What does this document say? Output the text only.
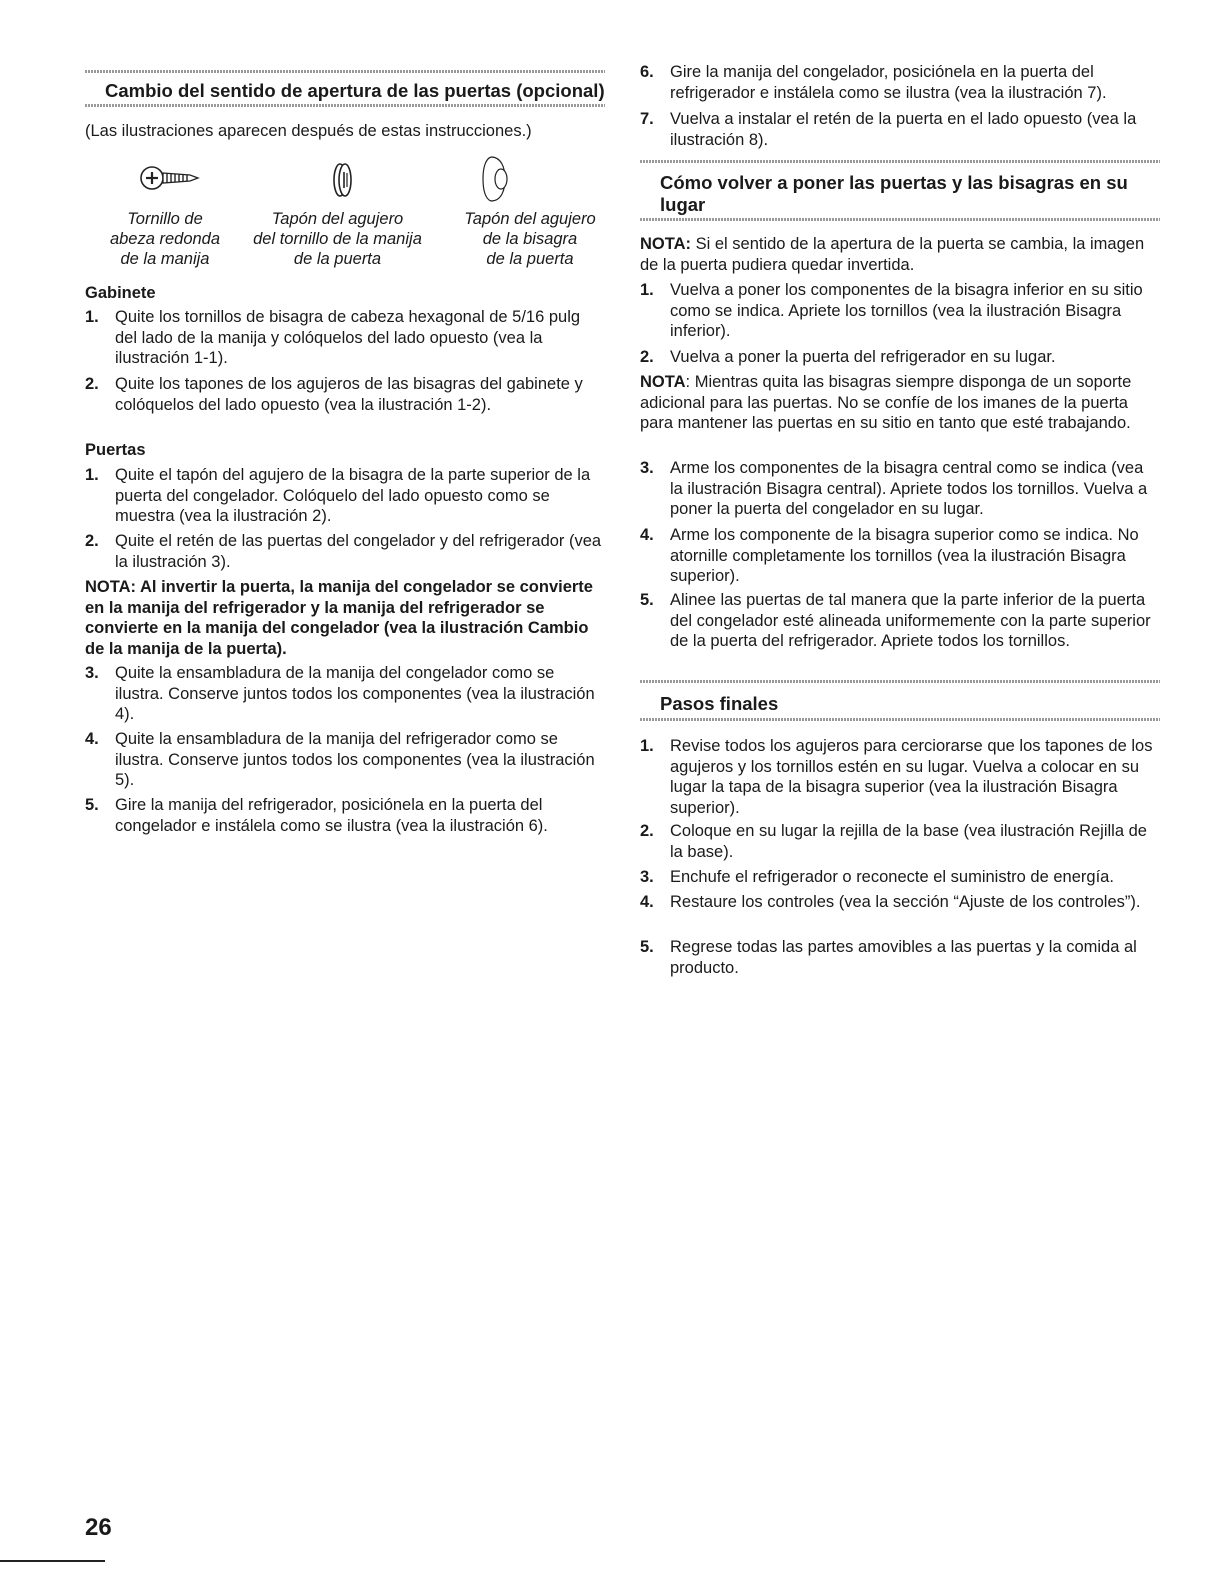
Cambio del sentido de apertura de las puertas (opcional)

(Las ilustraciones aparecen después de estas instrucciones.)

Tornillo de
abeza redonda
de la manija
Tapón del agujero
del tornillo de la manija
de la puerta
Tapón del agujero
de la bisagra
de la puerta
Gabinete
1. Quite los tornillos de bisagra de cabeza hexagonal de 5/16 pulg del lado de la manija y colóquelos del lado opuesto (vea la ilustración 1-1).
2. Quite los tapones de los agujeros de las bisagras del gabinete y colóquelos del lado opuesto (vea la ilustración 1-2).
Puertas
1. Quite el tapón del agujero de la bisagra de la parte superior de la puerta del congelador. Colóquelo del lado opuesto como se muestra (vea la ilustración 2).
2. Quite el retén de las puertas del congelador y del refrigerador (vea la ilustración 3).

NOTA: Al invertir la puerta, la manija del congelador se convierte en la manija del refrigerador y la manija del refrigerador se convierte en la manija del congelador (vea la ilustración Cambio de la manija de la puerta).

3. Quite la ensambladura de la manija del congelador como se ilustra. Conserve juntos todos los componentes (vea la ilustración 4).
4. Quite la ensambladura de la manija del refrigerador como se ilustra. Conserve juntos todos los componentes (vea la ilustración 5).
5. Gire la manija del refrigerador, posiciónela en la puerta del congelador e instálela como se ilustra (vea la ilustración 6).
6. Gire la manija del congelador, posiciónela en la puerta del refrigerador e instálela como se ilustra (vea la ilustración 7).
7. Vuelva a instalar el retén de la puerta en el lado opuesto (vea la ilustración 8).
Cómo volver a poner las puertas y las bisagras en su lugar

NOTA: Si el sentido de la apertura de la puerta se cambia, la imagen de la puerta pudiera quedar invertida.

1. Vuelva a poner los componentes de la bisagra inferior en su sitio como se indica. Apriete los tornillos (vea la ilustración Bisagra inferior).
2. Vuelva a poner la puerta del refrigerador en su lugar.

NOTA: Mientras quita las bisagras siempre disponga de un soporte adicional para las puertas. No se confíe de los imanes de la puerta para mantener las puertas en su sitio en tanto que esté trabajando.

3. Arme los componentes de la bisagra central como se indica (vea la ilustración Bisagra central). Apriete todos los tornillos. Vuelva a poner la puerta del congelador en su lugar.
4. Arme los componente de la bisagra superior como se indica. No atornille completamente los tornillos (vea la ilustración Bisagra superior).
5. Alinee las puertas de tal manera que la parte inferior de la puerta del congelador esté alineada uniformemente con la parte superior de la puerta del refrigerador. Apriete todos los tornillos.
Pasos finales
1. Revise todos los agujeros para cerciorarse que los tapones de los agujeros y los tornillos estén en su lugar. Vuelva a colocar en su lugar la tapa de la bisagra superior (vea la ilustración Bisagra superior).
2. Coloque en su lugar la rejilla de la base (vea ilustración Rejilla de la base).
3. Enchufe el refrigerador o reconecte el suministro de energía.
4. Restaure los controles (vea la sección “Ajuste de los controles”).
5. Regrese todas las partes amovibles a las puertas y la comida al producto.
26
